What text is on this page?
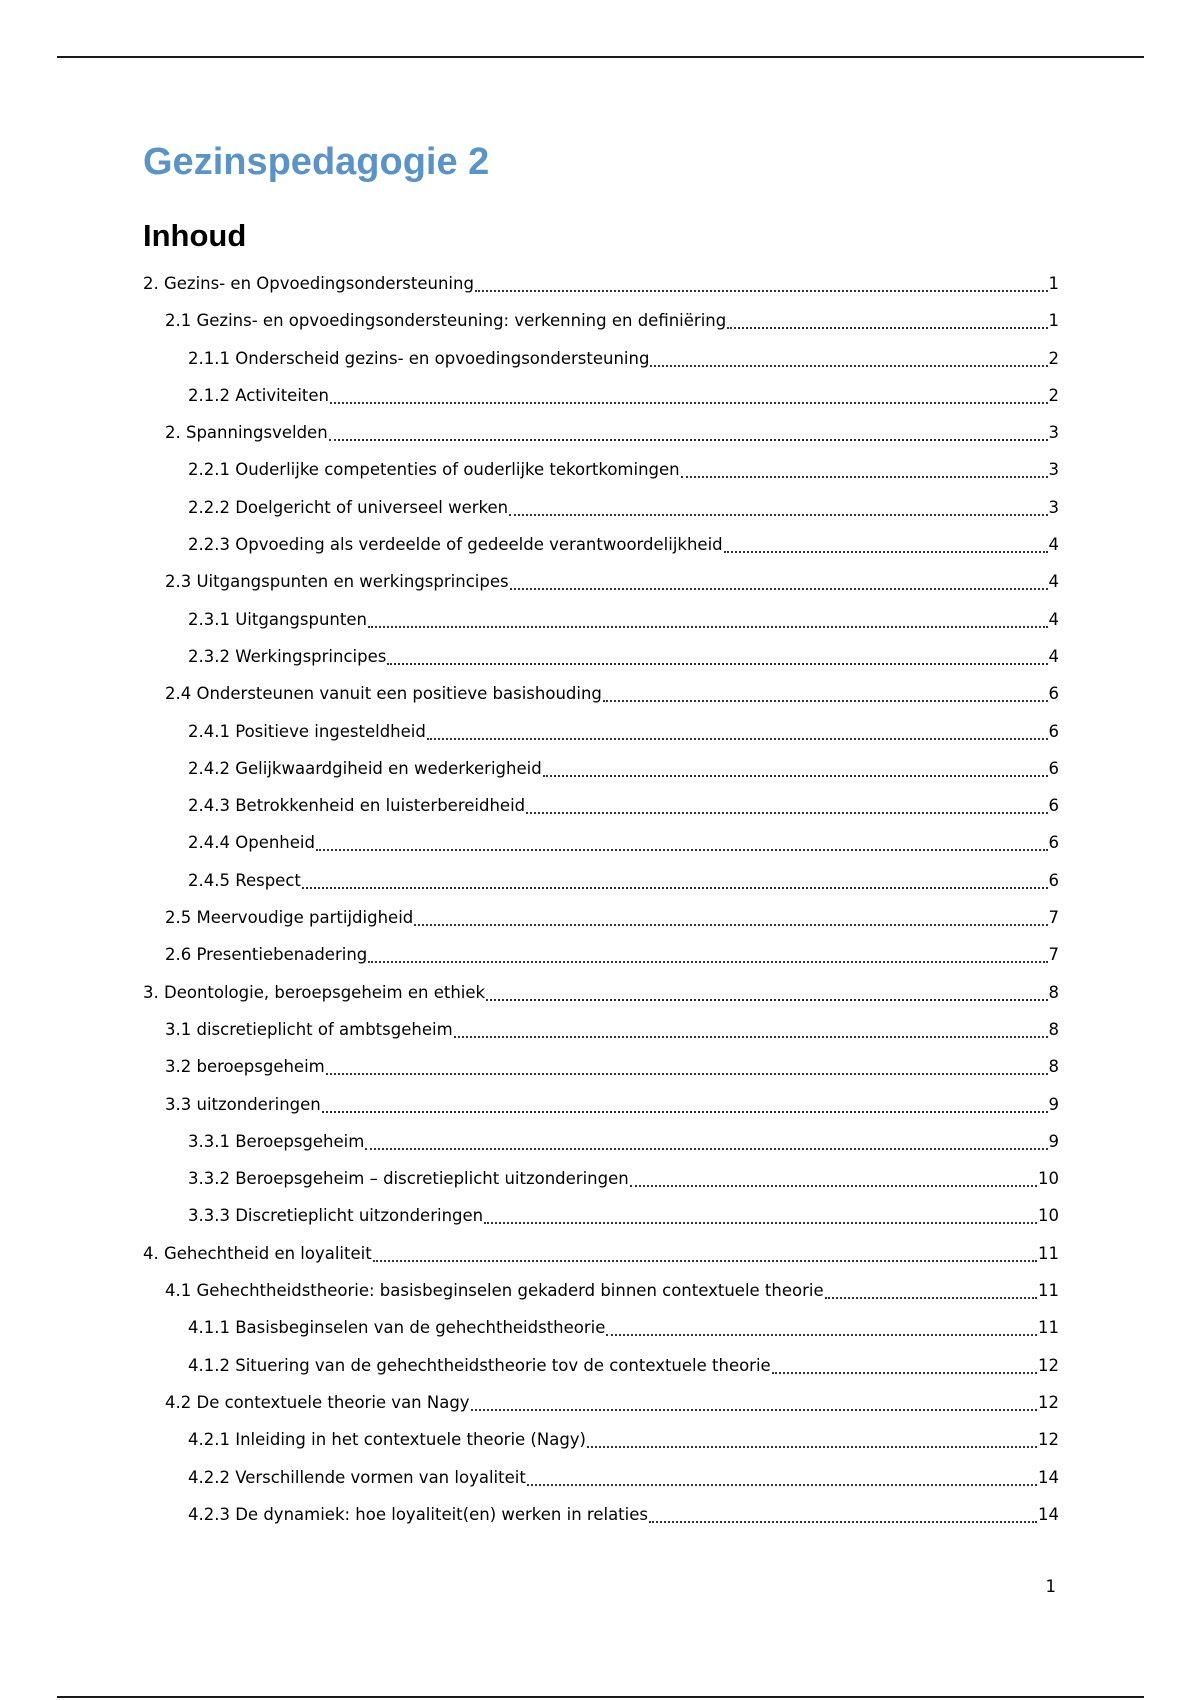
Gezinspedagogie 2
Inhoud
2. Gezins- en Opvoedingsondersteuning	1
2.1 Gezins- en opvoedingsondersteuning: verkenning en definiëring	1
2.1.1 Onderscheid gezins- en opvoedingsondersteuning	2
2.1.2 Activiteiten	2
2. Spanningsvelden	3
2.2.1 Ouderlijke competenties of ouderlijke tekortkomingen	3
2.2.2 Doelgericht of universeel werken	3
2.2.3 Opvoeding als verdeelde of gedeelde verantwoordelijkheid	4
2.3 Uitgangspunten en werkingsprincipes	4
2.3.1 Uitgangspunten	4
2.3.2 Werkingsprincipes	4
2.4 Ondersteunen vanuit een positieve basishouding	6
2.4.1 Positieve ingesteldheid	6
2.4.2 Gelijkwaardgiheid en wederkerigheid	6
2.4.3 Betrokkenheid en luisterbereidheid	6
2.4.4 Openheid	6
2.4.5 Respect	6
2.5 Meervoudige partijdigheid	7
2.6 Presentiebenadering	7
3. Deontologie, beroepsgeheim en ethiek	8
3.1 discretieplicht of ambtsgeheim	8
3.2 beroepsgeheim	8
3.3 uitzonderingen	9
3.3.1 Beroepsgeheim	9
3.3.2 Beroepsgeheim – discretieplicht uitzonderingen	10
3.3.3 Discretieplicht uitzonderingen	10
4. Gehechtheid en loyaliteit	11
4.1 Gehechtheidstheorie: basisbeginselen gekaderd binnen contextuele theorie	11
4.1.1 Basisbeginselen van de gehechtheidstheorie	11
4.1.2 Situering van de gehechtheidstheorie tov de contextuele theorie	12
4.2 De contextuele theorie van Nagy	12
4.2.1 Inleiding in het contextuele theorie (Nagy)	12
4.2.2 Verschillende vormen van loyaliteit	14
4.2.3 De dynamiek: hoe loyaliteit(en) werken in relaties	14
1
